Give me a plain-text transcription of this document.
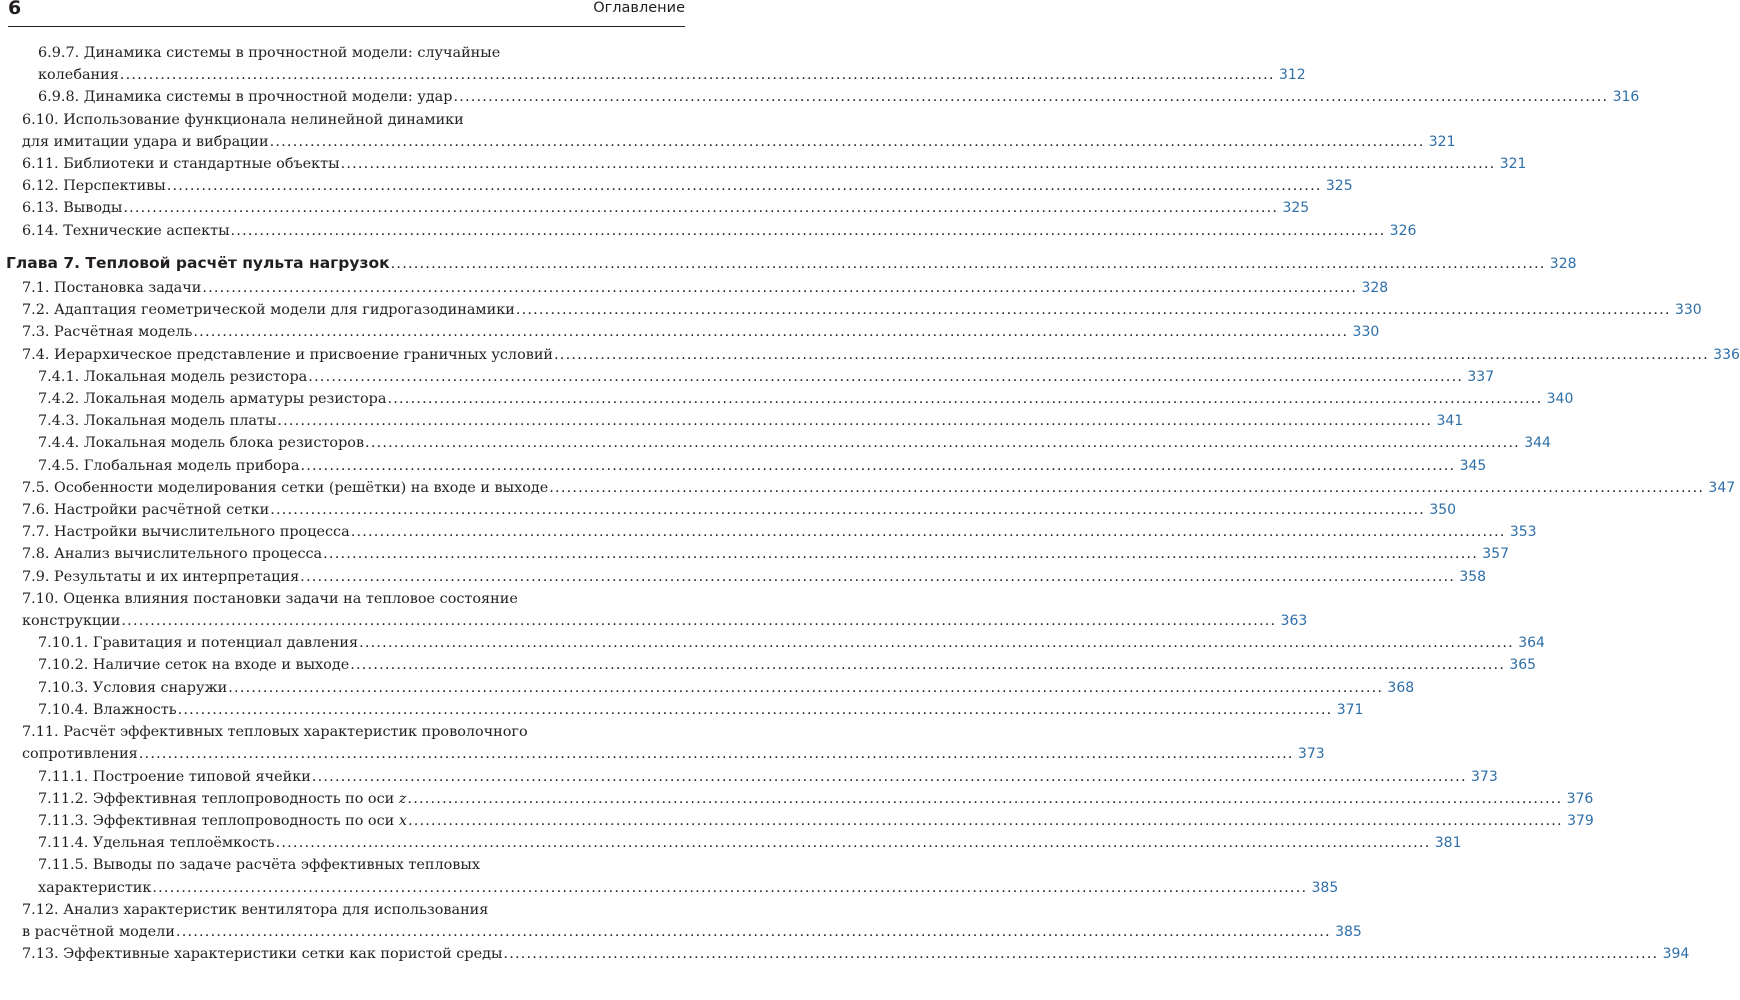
6	Оглавление
6.9.7. Динамика системы в прочностной модели: случайные
колебания ........................................................................................................................................................................................................ 312
6.9.8. Динамика системы в прочностной модели: удар ........................................................................................................................................................................................................ 316
6.10. Использование функционала нелинейной динамики
для имитации удара и вибрации ........................................................................................................................................................................................................ 321
6.11. Библиотеки и стандартные объекты ........................................................................................................................................................................................................ 321
6.12. Перспективы ........................................................................................................................................................................................................ 325
6.13. Выводы ........................................................................................................................................................................................................ 325
6.14. Технические аспекты ........................................................................................................................................................................................................ 326
Глава 7. Тепловой расчёт пульта нагрузок ........................................................................................................................................................................................................ 328
7.1. Постановка задачи ........................................................................................................................................................................................................ 328
7.2. Адаптация геометрической модели для гидрогазодинамики ........................................................................................................................................................................................................ 330
7.3. Расчётная модель ........................................................................................................................................................................................................ 330
7.4. Иерархическое представление и присвоение граничных условий ........................................................................................................................................................................................................ 336
7.4.1. Локальная модель резистора ........................................................................................................................................................................................................ 337
7.4.2. Локальная модель арматуры резистора ........................................................................................................................................................................................................ 340
7.4.3. Локальная модель платы ........................................................................................................................................................................................................ 341
7.4.4. Локальная модель блока резисторов ........................................................................................................................................................................................................ 344
7.4.5. Глобальная модель прибора ........................................................................................................................................................................................................ 345
7.5. Особенности моделирования сетки (решётки) на входе и выходе ........................................................................................................................................................................................................ 347
7.6. Настройки расчётной сетки ........................................................................................................................................................................................................ 350
7.7. Настройки вычислительного процесса ........................................................................................................................................................................................................ 353
7.8. Анализ вычислительного процесса ........................................................................................................................................................................................................ 357
7.9. Результаты и их интерпретация ........................................................................................................................................................................................................ 358
7.10. Оценка влияния постановки задачи на тепловое состояние
конструкции ........................................................................................................................................................................................................ 363
7.10.1. Гравитация и потенциал давления ........................................................................................................................................................................................................ 364
7.10.2. Наличие сеток на входе и выходе ........................................................................................................................................................................................................ 365
7.10.3. Условия снаружи ........................................................................................................................................................................................................ 368
7.10.4. Влажность ........................................................................................................................................................................................................ 371
7.11. Расчёт эффективных тепловых характеристик проволочного
сопротивления ........................................................................................................................................................................................................ 373
7.11.1. Построение типовой ячейки ........................................................................................................................................................................................................ 373
7.11.2. Эффективная теплопроводность по оси z ........................................................................................................................................................................................................ 376
7.11.3. Эффективная теплопроводность по оси x ........................................................................................................................................................................................................ 379
7.11.4. Удельная теплоёмкость ........................................................................................................................................................................................................ 381
7.11.5. Выводы по задаче расчёта эффективных тепловых
характеристик ........................................................................................................................................................................................................ 385
7.12. Анализ характеристик вентилятора для использования
в расчётной модели ........................................................................................................................................................................................................ 385
7.13. Эффективные характеристики сетки как пористой среды ........................................................................................................................................................................................................ 394
